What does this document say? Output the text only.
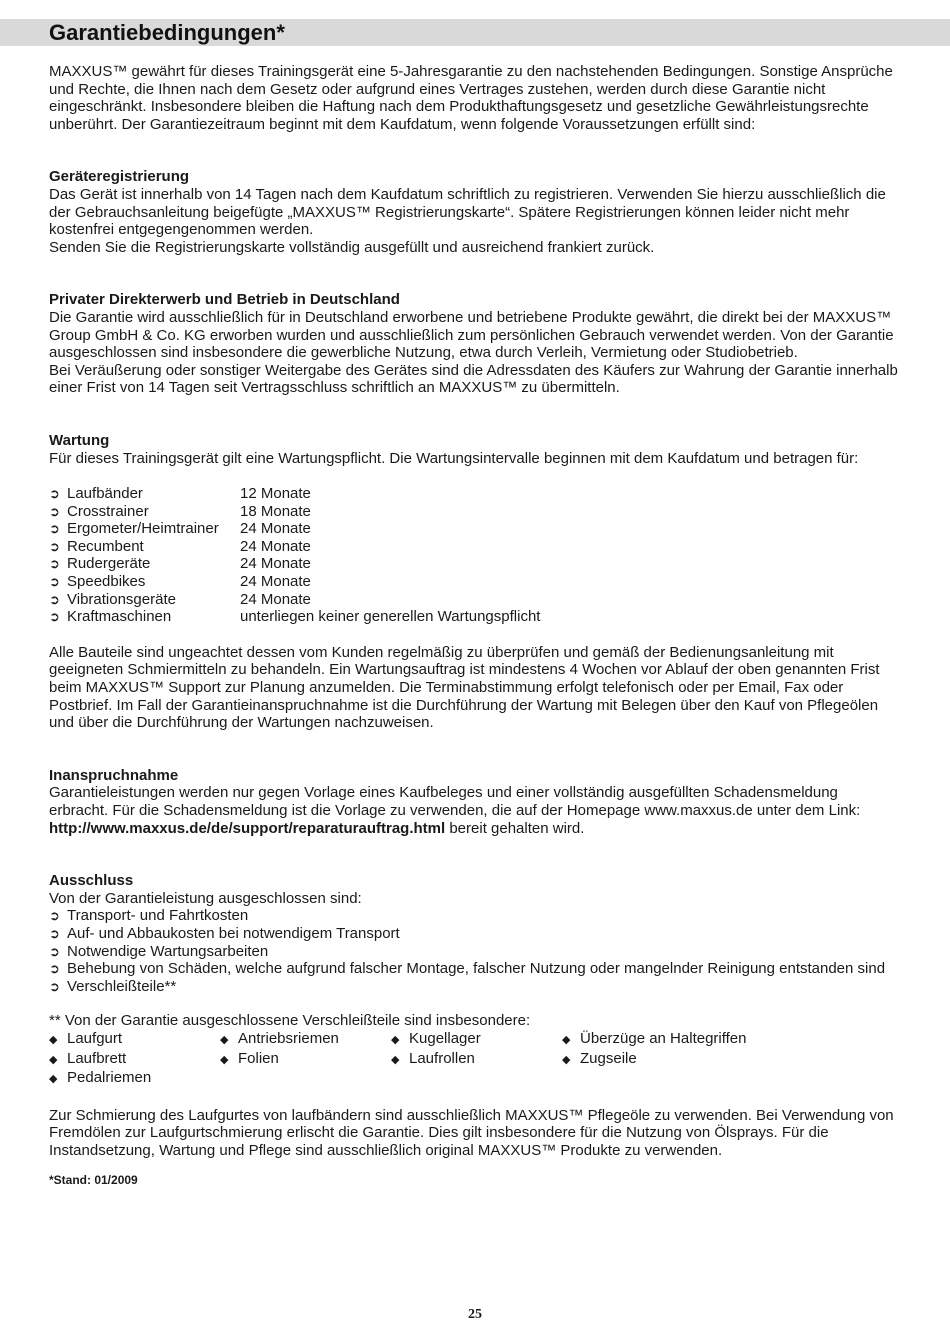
Garantiebedingungen*

MAXXUS™ gewährt für dieses Trainingsgerät eine 5-Jahresgarantie zu den nachstehenden Bedingungen. Sonstige Ansprüche und Rechte, die Ihnen nach dem Gesetz oder aufgrund eines Vertrages zustehen, werden durch diese Garantie nicht eingeschränkt. Insbesondere bleiben die Haftung nach dem Produkthaftungsgesetz und gesetzliche Gewährleistungsrechte unberührt. Der Garantiezeitraum beginnt mit dem Kaufdatum, wenn folgende Voraussetzungen erfüllt sind:

Geräteregistrierung

Das Gerät ist innerhalb von 14 Tagen nach dem Kaufdatum schriftlich zu registrieren. Verwenden Sie hierzu ausschließlich die der Gebrauchsanleitung beigefügte „MAXXUS™ Registrierungskarte“. Spätere Registrierungen können leider nicht mehr kostenfrei entgegengenommen werden.

Senden Sie die Registrierungskarte vollständig ausgefüllt und ausreichend frankiert zurück.

Privater Direkterwerb und Betrieb in Deutschland

Die Garantie wird ausschließlich für in Deutschland erworbene und betriebene Produkte gewährt, die direkt bei der MAXXUS™ Group GmbH & Co. KG erworben wurden und ausschließlich zum persönlichen Gebrauch verwendet werden. Von der Garantie ausgeschlossen sind insbesondere die gewerbliche Nutzung, etwa durch Verleih, Vermietung oder Studiobetrieb.

Bei Veräußerung oder sonstiger Weitergabe des Gerätes sind die Adressdaten des Käufers zur Wahrung der Garantie innerhalb einer Frist von 14 Tagen seit Vertragsschluss schriftlich an MAXXUS™ zu übermitteln.

Wartung

Für dieses Trainingsgerät gilt eine Wartungspflicht. Die Wartungsintervalle beginnen mit dem Kaufdatum und betragen für:

➲ Laufbänder	12 Monate
➲ Crosstrainer	18 Monate
➲ Ergometer/Heimtrainer	24 Monate
➲ Recumbent	24 Monate
➲ Rudergeräte	24 Monate
➲ Speedbikes	24 Monate
➲ Vibrationsgeräte	24 Monate
➲ Kraftmaschinen	unterliegen keiner generellen Wartungspflicht

Alle Bauteile sind ungeachtet dessen vom Kunden regelmäßig zu überprüfen und gemäß der Bedienungsanleitung mit geeigneten Schmiermitteln zu behandeln. Ein Wartungsauftrag ist mindestens 4 Wochen vor Ablauf der oben genannten Frist beim MAXXUS™ Support zur Planung anzumelden. Die Terminabstimmung erfolgt telefonisch oder per Email, Fax oder Postbrief. Im Fall der Garantieinanspruchnahme ist die Durchführung der Wartung mit Belegen über den Kauf von Pflegeölen und über die Durchführung der Wartungen nachzuweisen.

Inanspruchnahme

Garantieleistungen werden nur gegen Vorlage eines Kaufbeleges und einer vollständig ausgefüllten Schadensmeldung erbracht. Für die Schadensmeldung ist die Vorlage zu verwenden, die auf der Homepage www.maxxus.de unter dem Link: http://www.maxxus.de/de/support/reparaturauftrag.html bereit gehalten wird.

Ausschluss

Von der Garantieleistung ausgeschlossen sind:

➲ Transport- und Fahrtkosten
➲ Auf- und Abbaukosten bei notwendigem Transport
➲ Notwendige Wartungsarbeiten
➲ Behebung von Schäden, welche aufgrund falscher Montage, falscher Nutzung oder mangelnder Reinigung entstanden sind
➲ Verschleißteile**

** Von der Garantie ausgeschlossene Verschleißteile sind insbesondere:

◆ Laufgurt	◆ Antriebsriemen	◆ Kugellager	◆ Überzüge an Haltegriffen
◆ Laufbrett	◆ Folien	◆ Laufrollen	◆ Zugseile
◆ Pedalriemen

Zur Schmierung des Laufgurtes von laufbändern sind ausschließlich MAXXUS™ Pflegeöle zu verwenden. Bei Verwendung von Fremdölen zur Laufgurtschmierung erlischt die Garantie. Dies gilt insbesondere für die Nutzung von Ölsprays. Für die Instandsetzung, Wartung und Pflege sind ausschließlich original MAXXUS™ Produkte zu verwenden.

*Stand: 01/2009

25
